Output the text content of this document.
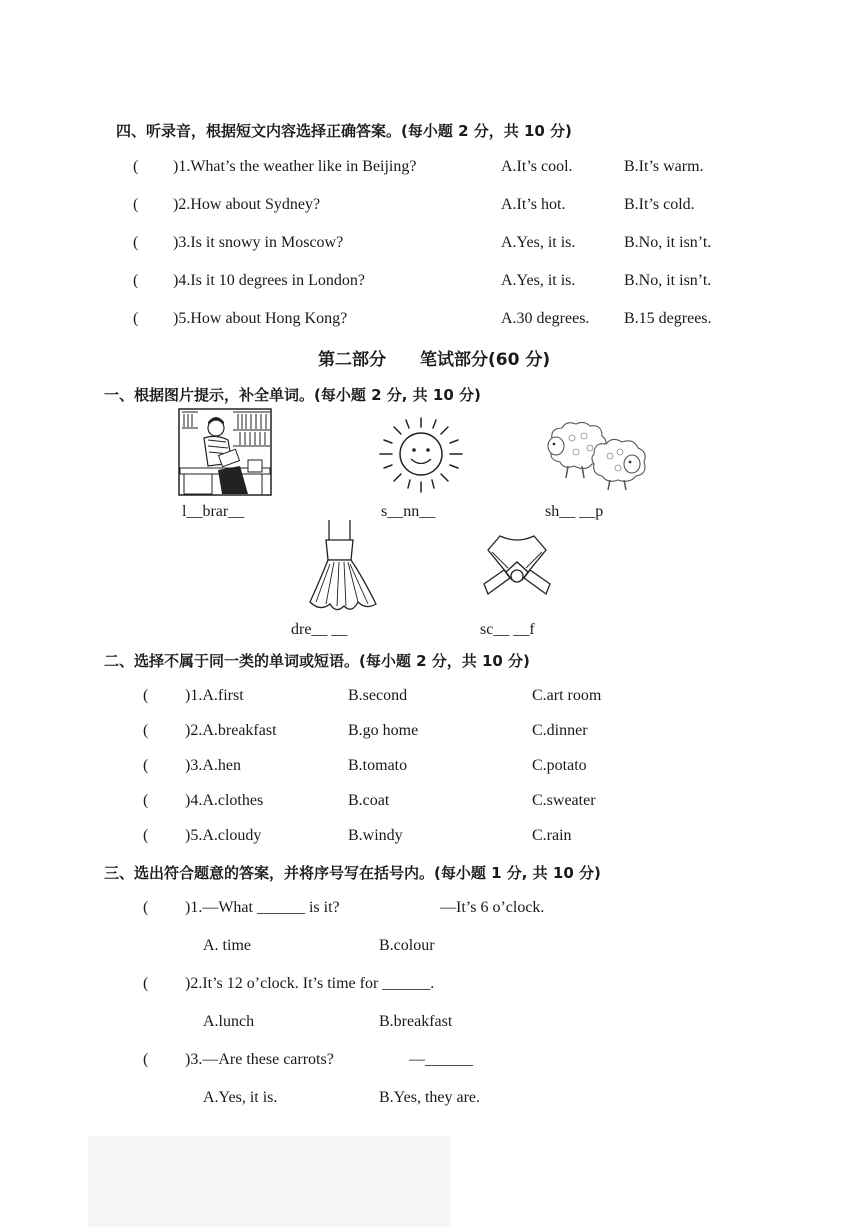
四、听录音，根据短文内容选择正确答案。(每小题 2 分，共 10 分)
( )1.What’s the weather like in Beijing?	A.It’s cool.	B.It’s warm.
( )2.How about Sydney?	A.It’s hot.	B.It’s cold.
( )3.Is it snowy in Moscow?	A.Yes, it is.	B.No, it isn’t.
( )4.Is it 10 degrees in London?	A.Yes, it is.	B.No, it isn’t.
( )5.How about Hong Kong?	A.30 degrees. B.15 degrees.
第二部分　　笔试部分(60 分)
一、根据图片提示，补全单词。(每小题 2 分, 共 10 分)
l__brar__	s__nn__	sh__ __p
dre__ __	sc__ __f
二、选择不属于同一类的单词或短语。(每小题 2 分，共 10 分)
( )1.A.first	B.second	C.art room
( )2.A.breakfast	B.go home	C.dinner
( )3.A.hen	B.tomato	C.potato
( )4.A.clothes	B.coat	C.sweater
( )5.A.cloudy	B.windy	C.rain
三、选出符合题意的答案，并将序号写在括号内。(每小题 1 分, 共 10 分)
( )1.—What ______ is it?	—It’s 6 o’clock.
A. time	B.colour
( )2.It’s 12 o’clock. It’s time for ______.
A.lunch	B.breakfast
( )3.—Are these carrots?	—______
A.Yes, it is.	B.Yes, they are.
